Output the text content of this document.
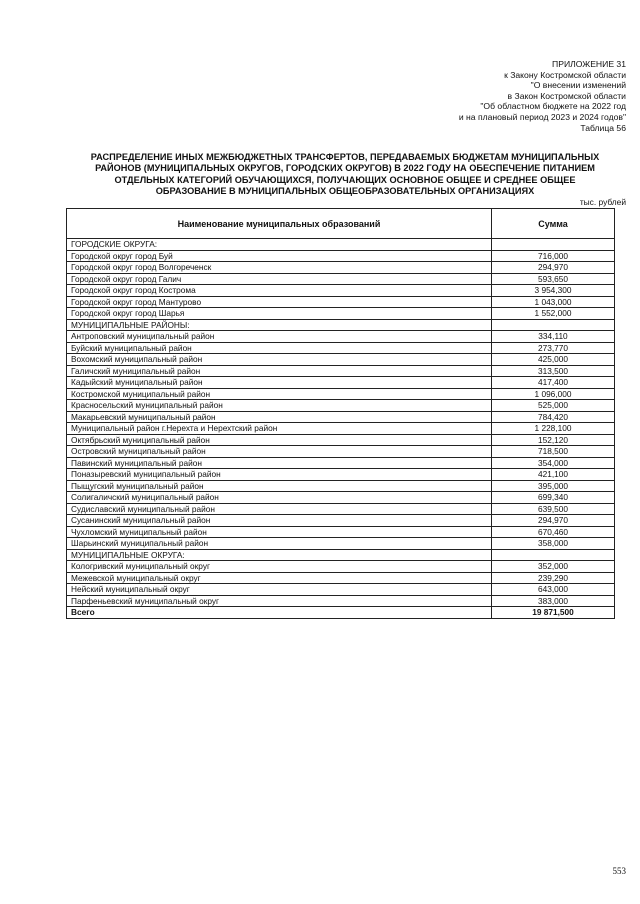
ПРИЛОЖЕНИЕ 31
к Закону Костромской области
"О внесении изменений
в Закон Костромской области
"Об областном бюджете на 2022 год
и на плановый период 2023 и 2024 годов"
Таблица 56
РАСПРЕДЕЛЕНИЕ ИНЫХ МЕЖБЮДЖЕТНЫХ ТРАНСФЕРТОВ, ПЕРЕДАВАЕМЫХ БЮДЖЕТАМ МУНИЦИПАЛЬНЫХ
РАЙОНОВ (МУНИЦИПАЛЬНЫХ ОКРУГОВ, ГОРОДСКИХ ОКРУГОВ) В 2022 ГОДУ НА ОБЕСПЕЧЕНИЕ ПИТАНИЕМ
ОТДЕЛЬНЫХ КАТЕГОРИЙ ОБУЧАЮЩИХСЯ, ПОЛУЧАЮЩИХ ОСНОВНОЕ ОБЩЕЕ И СРЕДНЕЕ ОБЩЕЕ
ОБРАЗОВАНИЕ В МУНИЦИПАЛЬНЫХ ОБЩЕОБРАЗОВАТЕЛЬНЫХ ОРГАНИЗАЦИЯХ
тыс. рублей
Наименование муниципальных образований	Сумма
ГОРОДСКИЕ ОКРУГА:	
Городской округ город Буй	716,000
Городской округ город Волгореченск	294,970
Городской округ город Галич	593,650
Городской округ город Кострома	3 954,300
Городской округ город Мантурово	1 043,000
Городской округ город Шарья	1 552,000
МУНИЦИПАЛЬНЫЕ РАЙОНЫ:	
Антроповский муниципальный район	334,110
Буйский муниципальный район	273,770
Вохомский муниципальный район	425,000
Галичский муниципальный район	313,500
Кадыйский муниципальный район	417,400
Костромской муниципальный район	1 096,000
Красносельский муниципальный район	525,000
Макарьевский муниципальный район	784,420
Муниципальный район г.Нерехта и Нерехтский район	1 228,100
Октябрьский муниципальный район	152,120
Островский муниципальный район	718,500
Павинский муниципальный район	354,000
Поназыревский муниципальный район	421,100
Пыщугский муниципальный район	395,000
Солигаличский муниципальный район	699,340
Судиславский муниципальный район	639,500
Сусанинский муниципальный район	294,970
Чухломский муниципальный район	670,460
Шарьинский муниципальный район	358,000
МУНИЦИПАЛЬНЫЕ ОКРУГА:	
Кологривский муниципальный округ	352,000
Межевской муниципальный округ	239,290
Нейский муниципальный округ	643,000
Парфеньевский муниципальный округ	383,000
Всего	19 871,500
553
